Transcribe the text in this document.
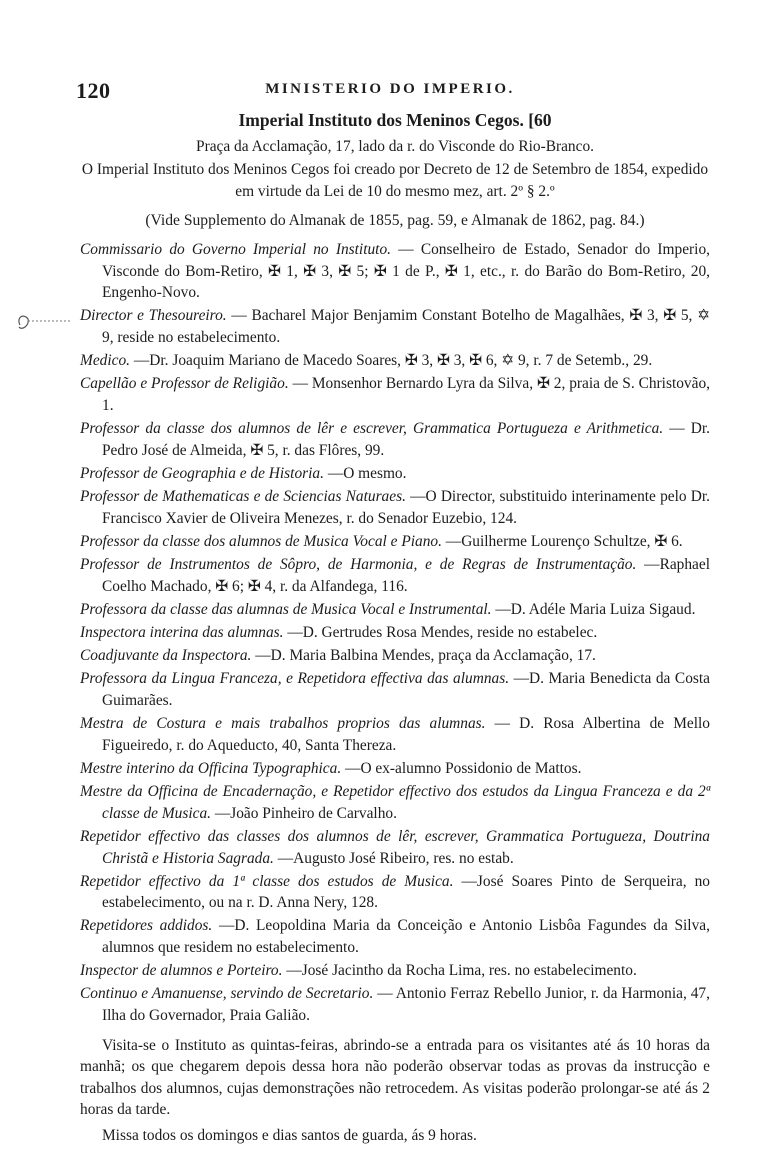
120	MINISTERIO DO IMPERIO.
Imperial Instituto dos Meninos Cegos. [60
Praça da Acclamação, 17, lado da r. do Visconde do Rio-Branco.
O Imperial Instituto dos Meninos Cegos foi creado por Decreto de 12 de Setembro de 1854, expedido em virtude da Lei de 10 do mesmo mez, art. 2º § 2.º
(Vide Supplemento do Almanak de 1855, pag. 59, e Almanak de 1862, pag. 84.)
Commissario do Governo Imperial no Instituto. — Conselheiro de Estado, Senador do Imperio, Visconde do Bom-Retiro, ✠ 1, ✠ 3, ✠ 5; ✠ 1 de P., ✠ 1, etc., r. do Barão do Bom-Retiro, 20, Engenho-Novo.
Director e Thesoureiro. — Bacharel Major Benjamim Constant Botelho de Magalhães, ✠ 3, ✠ 5, ✡ 9, reside no estabelecimento.
Medico. —Dr. Joaquim Mariano de Macedo Soares, ✠ 3, ✠ 3, ✠ 6, ✡ 9, r. 7 de Setemb., 29.
Capellão e Professor de Religião. — Monsenhor Bernardo Lyra da Silva, ✠ 2, praia de S. Christovão, 1.
Professor da classe dos alumnos de lêr e escrever, Grammatica Portugueza e Arithmetica. — Dr. Pedro José de Almeida, ✠ 5, r. das Flôres, 99.
Professor de Geographia e de Historia. —O mesmo.
Professor de Mathematicas e de Sciencias Naturaes. —O Director, substituido interinamente pelo Dr. Francisco Xavier de Oliveira Menezes, r. do Senador Euzebio, 124.
Professor da classe dos alumnos de Musica Vocal e Piano. —Guilherme Lourenço Schultze, ✠ 6.
Professor de Instrumentos de Sôpro, de Harmonia, e de Regras de Instrumentação. —Raphael Coelho Machado, ✠ 6; ✠ 4, r. da Alfandega, 116.
Professora da classe das alumnas de Musica Vocal e Instrumental. —D. Adéle Maria Luiza Sigaud.
Inspectora interina das alumnas. —D. Gertrudes Rosa Mendes, reside no estabelec.
Coadjuvante da Inspectora. —D. Maria Balbina Mendes, praça da Acclamação, 17.
Professora da Lingua Franceza, e Repetidora effectiva das alumnas. —D. Maria Benedicta da Costa Guimarães.
Mestra de Costura e mais trabalhos proprios das alumnas. — D. Rosa Albertina de Mello Figueiredo, r. do Aqueducto, 40, Santa Thereza.
Mestre interino da Officina Typographica. —O ex-alumno Possidonio de Mattos.
Mestre da Officina de Encadernação, e Repetidor effectivo dos estudos da Lingua Franceza e da 2ª classe de Musica. —João Pinheiro de Carvalho.
Repetidor effectivo das classes dos alumnos de lêr, escrever, Grammatica Portugueza, Doutrina Christã e Historia Sagrada. —Augusto José Ribeiro, res. no estab.
Repetidor effectivo da 1ª classe dos estudos de Musica. —José Soares Pinto de Serqueira, no estabelecimento, ou na r. D. Anna Nery, 128.
Repetidores addidos. —D. Leopoldina Maria da Conceição e Antonio Lisbôa Fagundes da Silva, alumnos que residem no estabelecimento.
Inspector de alumnos e Porteiro. —José Jacintho da Rocha Lima, res. no estabelecimento.
Continuo e Amanuense, servindo de Secretario. — Antonio Ferraz Rebello Junior, r. da Harmonia, 47, Ilha do Governador, Praia Galião.
Visita-se o Instituto as quintas-feiras, abrindo-se a entrada para os visitantes até ás 10 horas da manhã; os que chegarem depois dessa hora não poderão observar todas as provas da instrucção e trabalhos dos alumnos, cujas demonstrações não retrocedem. As visitas poderão prolongar-se até ás 2 horas da tarde.
Missa todos os domingos e dias santos de guarda, ás 9 horas.
